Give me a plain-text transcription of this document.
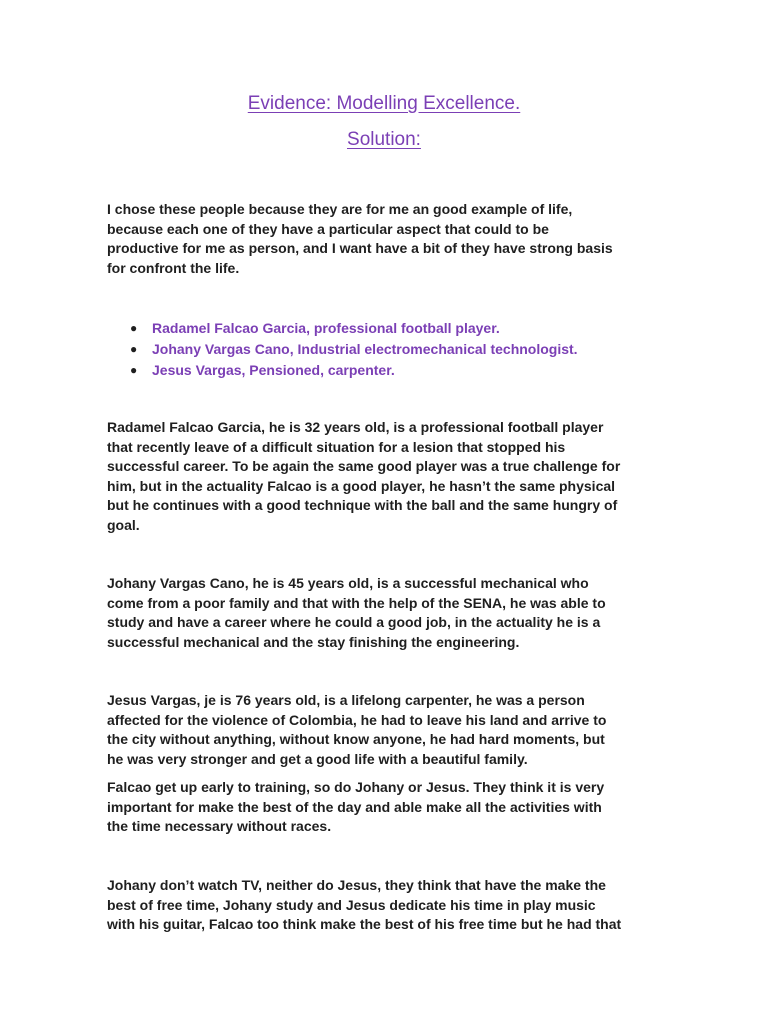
Evidence: Modelling Excellence.
Solution:

I chose these people because they are for me an good example of life,
because each one of they have a particular aspect that could to be
productive for me as person, and I want have a bit of they have strong basis
for confront the life.

● Radamel Falcao Garcia, professional football player.
● Johany Vargas Cano, Industrial electromechanical technologist.
● Jesus Vargas, Pensioned, carpenter.

Radamel Falcao Garcia, he is 32 years old, is a professional football player
that recently leave of a difficult situation for a lesion that stopped his
successful career. To be again the same good player was a true challenge for
him, but in the actuality Falcao is a good player, he hasn’t the same physical
but he continues with a good technique with the ball and the same hungry of
goal.

Johany Vargas Cano, he is 45 years old, is a successful mechanical who
come from a poor family and that with the help of the SENA, he was able to
study and have a career where he could a good job, in the actuality he is a
successful mechanical and the stay finishing the engineering.

Jesus Vargas, je is 76 years old, is a lifelong carpenter, he was a person
affected for the violence of Colombia, he had to leave his land and arrive to
the city without anything, without know anyone, he had hard moments, but
he was very stronger and get a good life with a beautiful family.

Falcao get up early to training, so do Johany or Jesus. They think it is very
important for make the best of the day and able make all the activities with
the time necessary without races.

Johany don’t watch TV, neither do Jesus, they think that have the make the
best of free time, Johany study and Jesus dedicate his time in play music
with his guitar, Falcao too think make the best of his free time but he had that
